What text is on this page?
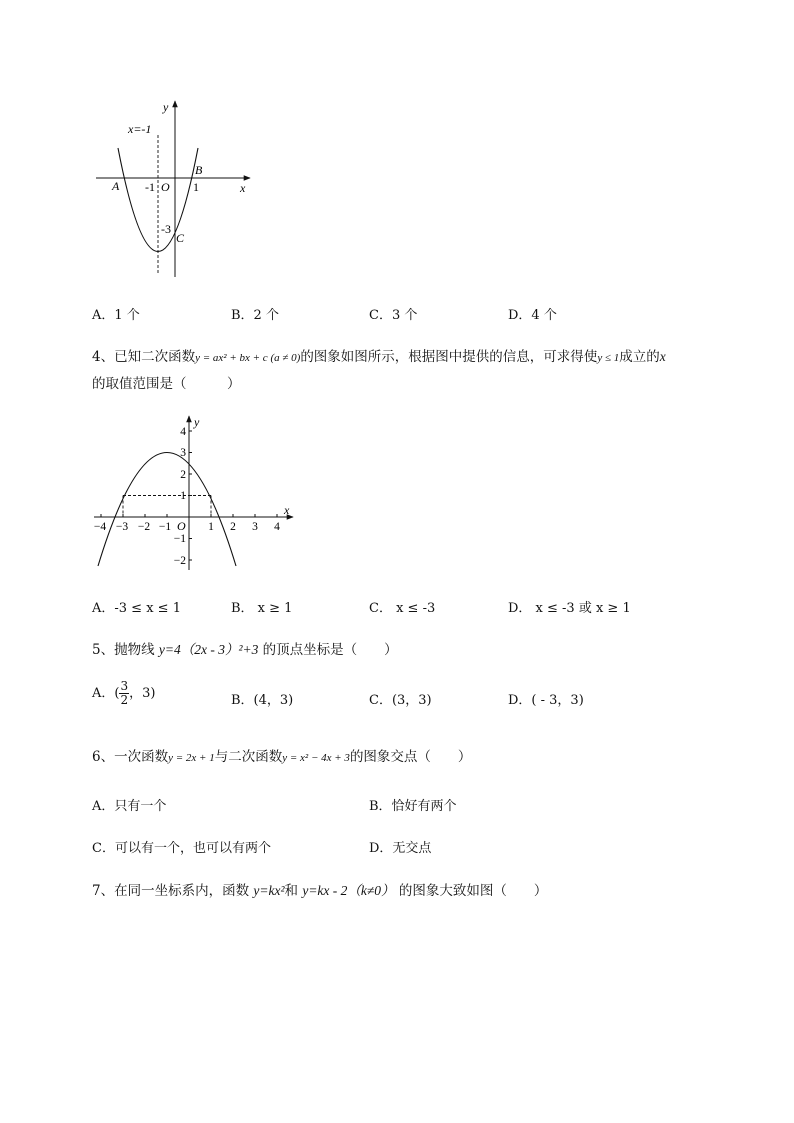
y
x
x=-1
B
A -1 O 1
-3
C
A．1 个	B．2 个	C．3 个	D．4 个
4、已知二次函数y = ax² + bx + c (a ≠ 0)的图象如图所示，根据图中提供的信息，可求得使y ≤ 1成立的x
的取值范围是（　　　）
y
x
O
−4 −3 −2 −1	1 2 3 4
4
3
2
1
−1
−2
A．-3 ≤ x ≤ 1	B． x ≥ 1	C． x ≤ -3	D． x ≤ -3 或 x ≥ 1
5、抛物线 y=4（2x - 3）²+3 的顶点坐标是（　　）
A．( $\frac{3}{2}$ ，3)	B．(4，3)	C．(3，3)	D．( - 3，3)
6、一次函数y = 2x + 1与二次函数y = x² − 4x + 3的图象交点（　　）
A．只有一个	B．恰好有两个
C．可以有一个，也可以有两个	D．无交点
7、在同一坐标系内，函数 y=kx²和 y=kx - 2（k≠0） 的图象大致如图（　　）
